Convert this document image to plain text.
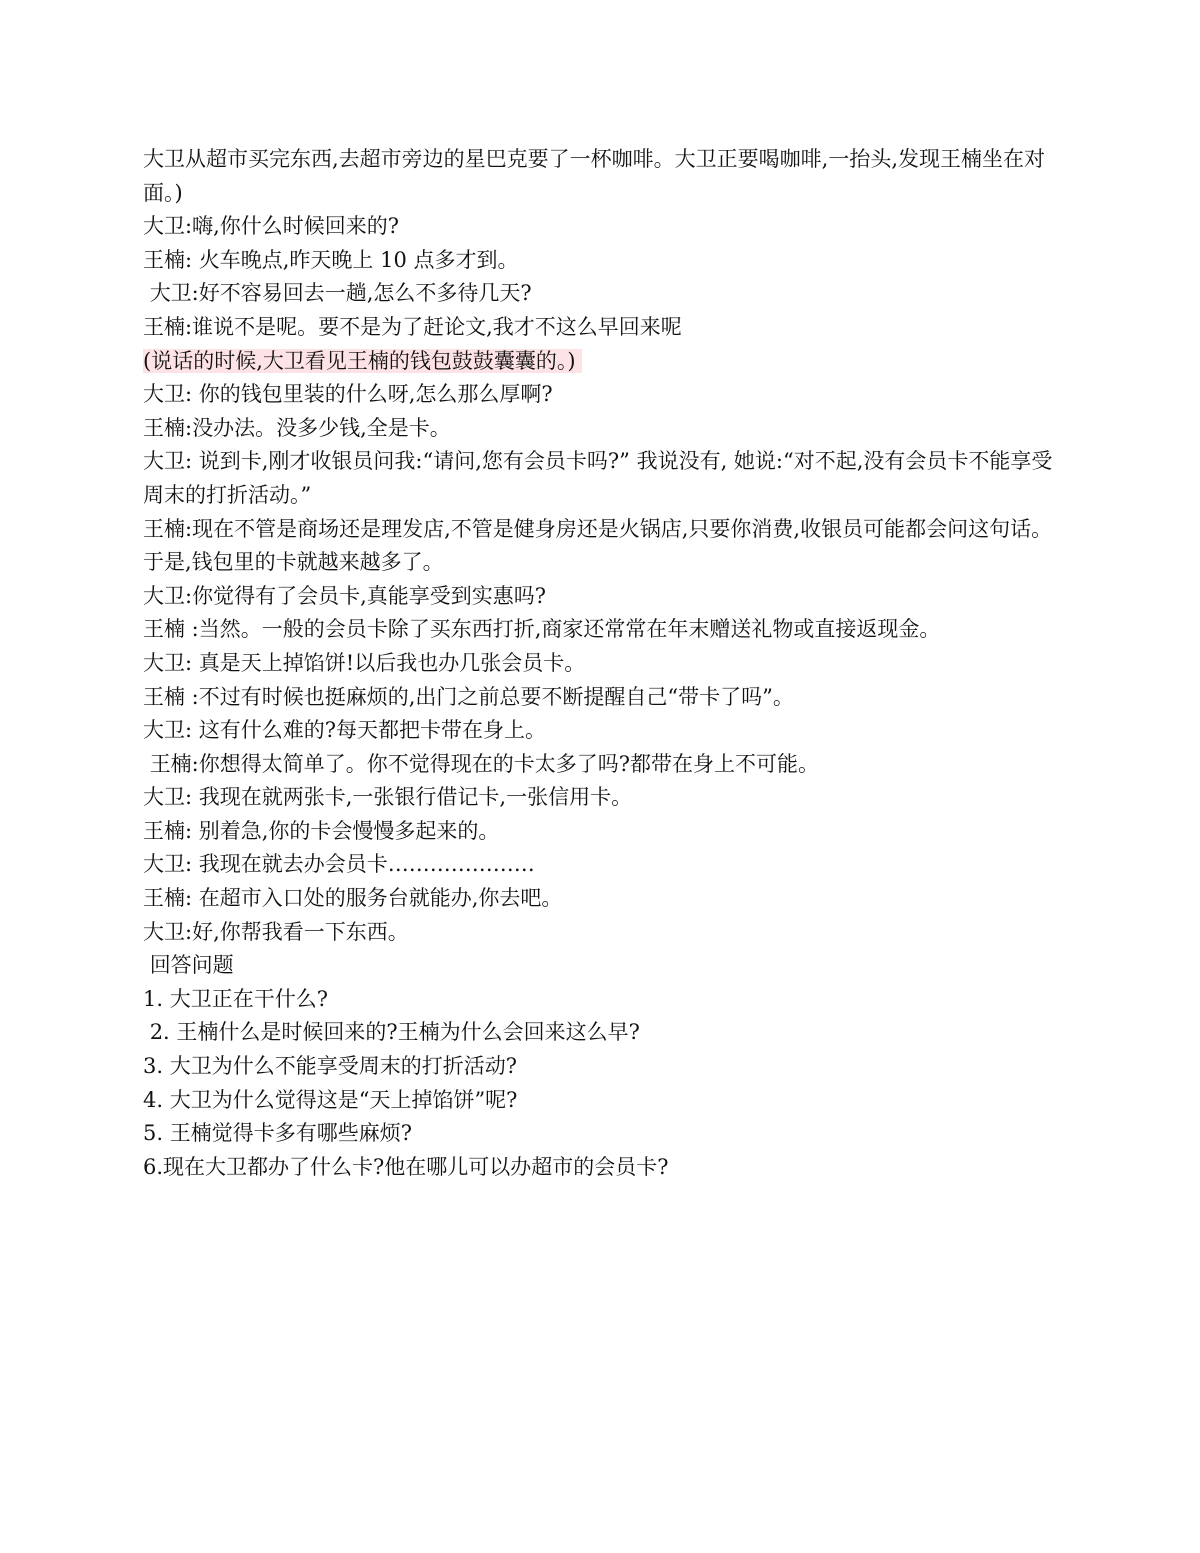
大卫从超市买完东西,去超市旁边的星巴克要了一杯咖啡。大卫正要喝咖啡,一抬头,发现王楠坐在对面。)

大卫:嗨,你什么时候回来的?

王楠: 火车晚点,昨天晚上 10 点多才到。

大卫:好不容易回去一趟,怎么不多待几天?

王楠:谁说不是呢。要不是为了赶论文,我才不这么早回来呢

(说话的时候,大卫看见王楠的钱包鼓鼓囊囊的。)

大卫: 你的钱包里装的什么呀,怎么那么厚啊?

王楠:没办法。没多少钱,全是卡。

大卫: 说到卡,刚才收银员问我:“请问,您有会员卡吗?” 我说没有, 她说:“对不起,没有会员卡不能享受周末的打折活动。”

王楠:现在不管是商场还是理发店,不管是健身房还是火锅店,只要你消费,收银员可能都会问这句话。于是,钱包里的卡就越来越多了。

大卫:你觉得有了会员卡,真能享受到实惠吗?

王楠 :当然。一般的会员卡除了买东西打折,商家还常常在年末赠送礼物或直接返现金。

大卫: 真是天上掉馅饼!以后我也办几张会员卡。

王楠 :不过有时候也挺麻烦的,出门之前总要不断提醒自己“带卡了吗”。

大卫: 这有什么难的?每天都把卡带在身上。

王楠:你想得太简单了。你不觉得现在的卡太多了吗?都带在身上不可能。

大卫: 我现在就两张卡,一张银行借记卡,一张信用卡。

王楠: 别着急,你的卡会慢慢多起来的。

大卫: 我现在就去办会员卡…………………

王楠: 在超市入口处的服务台就能办,你去吧。

大卫:好,你帮我看一下东西。

回答问题

1. 大卫正在干什么?

2. 王楠什么是时候回来的?王楠为什么会回来这么早?

3. 大卫为什么不能享受周末的打折活动?

4. 大卫为什么觉得这是“天上掉馅饼”呢?

5. 王楠觉得卡多有哪些麻烦?

6.现在大卫都办了什么卡?他在哪儿可以办超市的会员卡?
